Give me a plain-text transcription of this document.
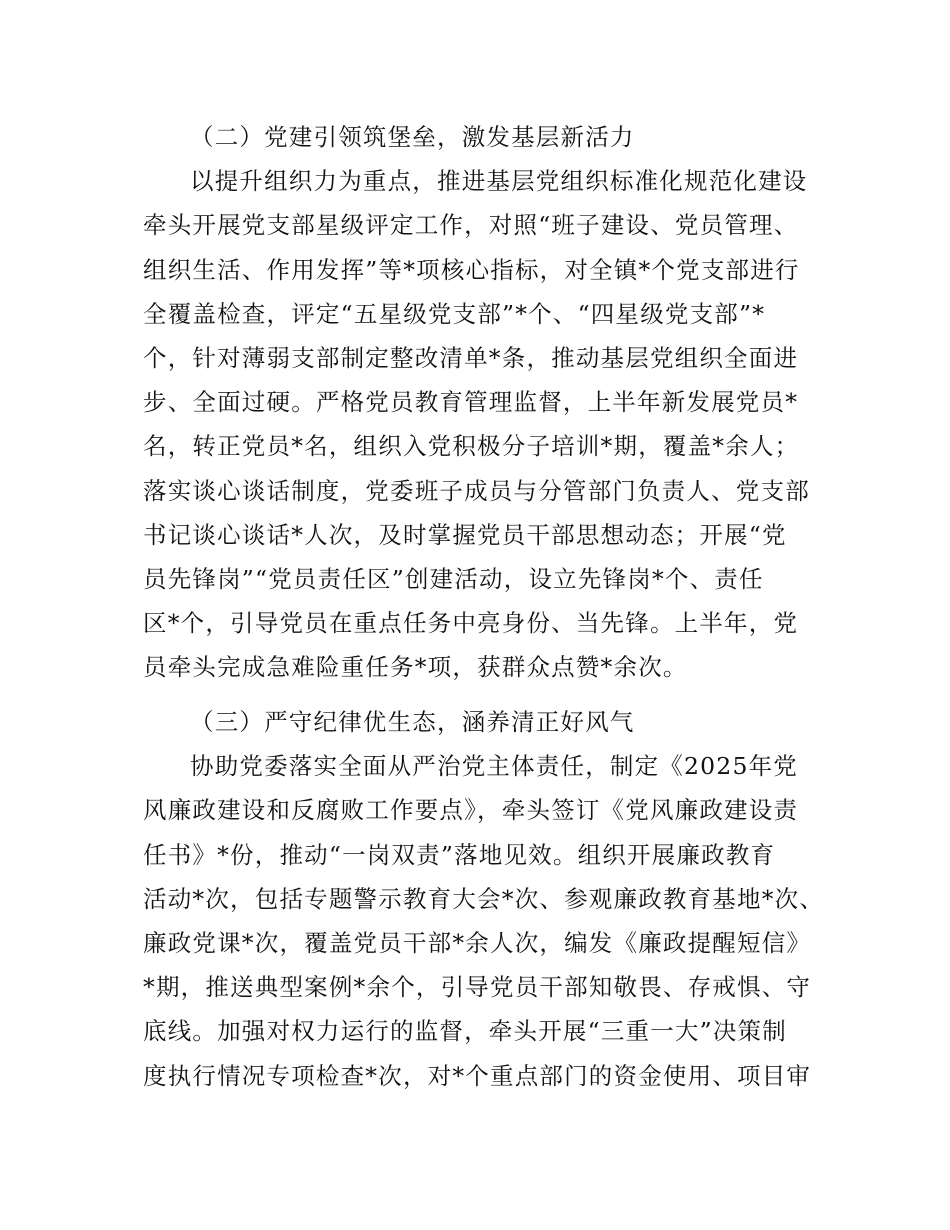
（二）党建引领筑堡垒，激发基层新活力
以提升组织力为重点，推进基层党组织标准化规范化建设
牵头开展党支部星级评定工作，对照“班子建设、党员管理、
组织生活、作用发挥”等*项核心指标，对全镇*个党支部进行
全覆盖检查，评定“五星级党支部”*个、“四星级党支部”*
个，针对薄弱支部制定整改清单*条，推动基层党组织全面进
步、全面过硬。严格党员教育管理监督，上半年新发展党员*
名，转正党员*名，组织入党积极分子培训*期，覆盖*余人；
落实谈心谈话制度，党委班子成员与分管部门负责人、党支部
书记谈心谈话*人次，及时掌握党员干部思想动态；开展“党
员先锋岗”“党员责任区”创建活动，设立先锋岗*个、责任
区*个，引导党员在重点任务中亮身份、当先锋。上半年，党
员牵头完成急难险重任务*项，获群众点赞*余次。
（三）严守纪律优生态，涵养清正好风气
协助党委落实全面从严治党主体责任，制定《2025年党
风廉政建设和反腐败工作要点》，牵头签订《党风廉政建设责
任书》*份，推动“一岗双责”落地见效。组织开展廉政教育
活动*次，包括专题警示教育大会*次、参观廉政教育基地*次、
廉政党课*次，覆盖党员干部*余人次，编发《廉政提醒短信》
*期，推送典型案例*余个，引导党员干部知敬畏、存戒惧、守
底线。加强对权力运行的监督，牵头开展“三重一大”决策制
度执行情况专项检查*次，对*个重点部门的资金使用、项目审
